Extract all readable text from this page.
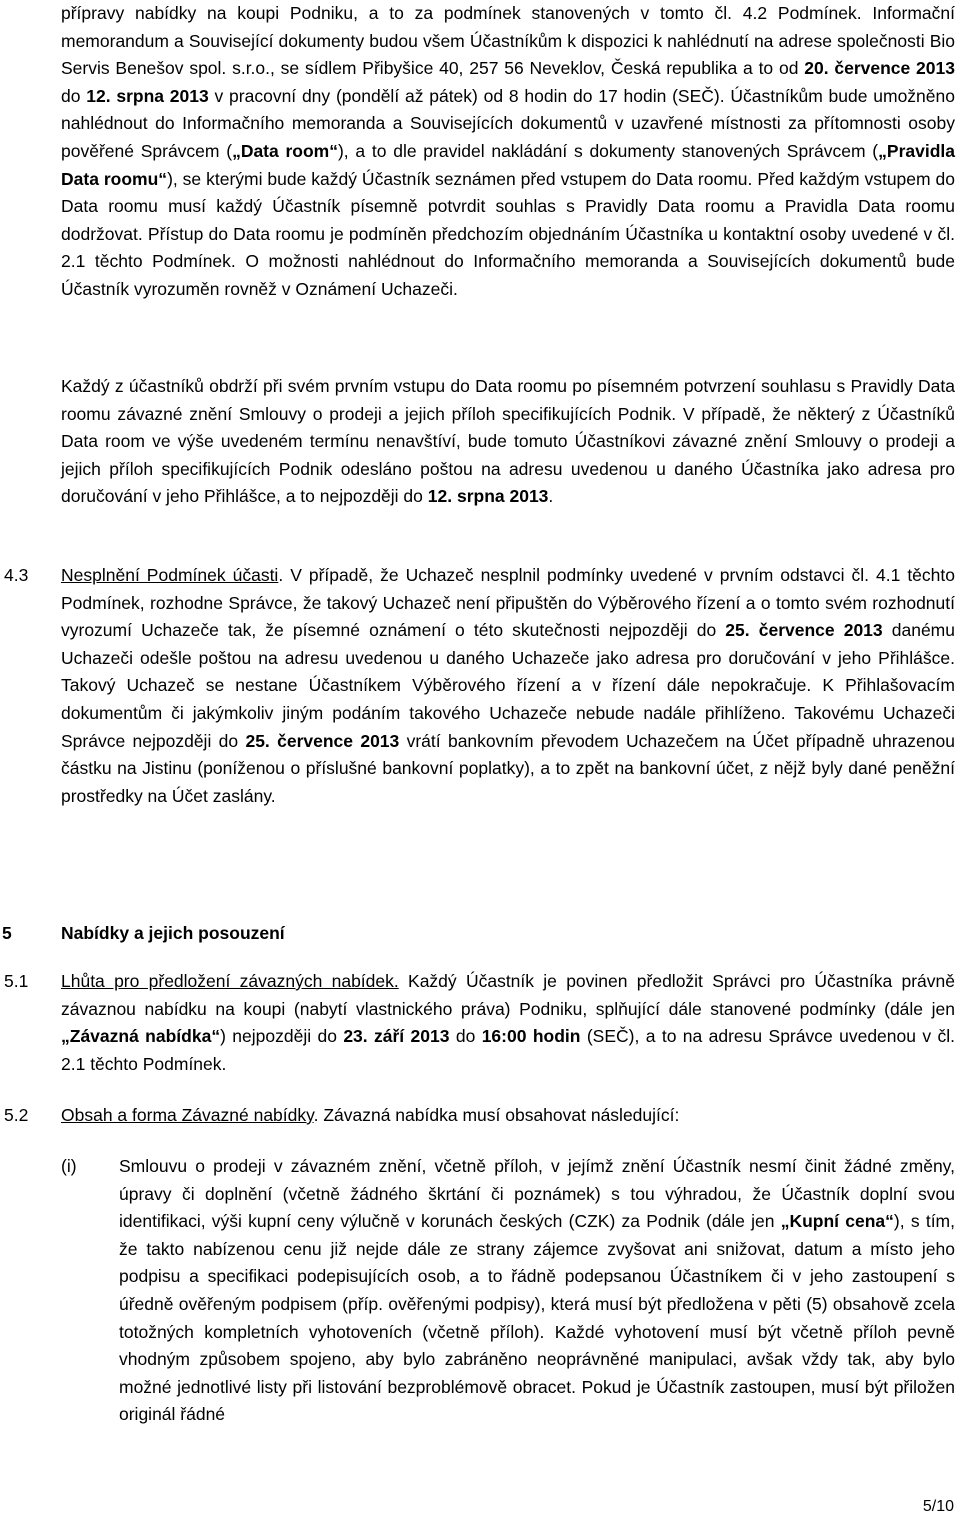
přípravy nabídky na koupi Podniku, a to za podmínek stanovených v tomto čl. 4.2 Podmínek. Informační memorandum a Související dokumenty budou všem Účastníkům k dispozici k nahlédnutí na adrese společnosti Bio Servis Benešov spol. s.r.o., se sídlem Přibyšice 40, 257 56 Neveklov, Česká republika a to od 20. července 2013 do 12. srpna 2013 v pracovní dny (pondělí až pátek) od 8 hodin do 17 hodin (SEČ). Účastníkům bude umožněno nahlédnout do Informačního memoranda a Souvisejících dokumentů v uzavřené místnosti za přítomnosti osoby pověřené Správcem („Data room“), a to dle pravidel nakládání s dokumenty stanovených Správcem („Pravidla Data roomu“), se kterými bude každý Účastník seznámen před vstupem do Data roomu. Před každým vstupem do Data roomu musí každý Účastník písemně potvrdit souhlas s Pravidly Data roomu a Pravidla Data roomu dodržovat. Přístup do Data roomu je podmíněn předchozím objednáním Účastníka u kontaktní osoby uvedené v čl. 2.1 těchto Podmínek. O možnosti nahlédnout do Informačního memoranda a Souvisejících dokumentů bude Účastník vyrozuměn rovněž v Oznámení Uchazeči.

Každý z účastníků obdrží při svém prvním vstupu do Data roomu po písemném potvrzení souhlasu s Pravidly Data roomu závazné znění Smlouvy o prodeji a jejich příloh specifikujících Podnik. V případě, že některý z Účastníků Data room ve výše uvedeném termínu nenavštíví, bude tomuto Účastníkovi závazné znění Smlouvy o prodeji a jejich příloh specifikujících Podnik odesláno poštou na adresu uvedenou u daného Účastníka jako adresa pro doručování v jeho Přihlášce, a to nejpozději do 12. srpna 2013.

4.3 Nesplnění Podmínek účasti. V případě, že Uchazeč nesplnil podmínky uvedené v prvním odstavci čl. 4.1 těchto Podmínek, rozhodne Správce, že takový Uchazeč není připuštěn do Výběrového řízení a o tomto svém rozhodnutí vyrozumí Uchazeče tak, že písemné oznámení o této skutečnosti nejpozději do 25. července 2013 danému Uchazeči odešle poštou na adresu uvedenou u daného Uchazeče jako adresa pro doručování v jeho Přihlášce. Takový Uchazeč se nestane Účastníkem Výběrového řízení a v řízení dále nepokračuje. K Přihlašovacím dokumentům či jakýmkoliv jiným podáním takového Uchazeče nebude nadále přihlíženo. Takovému Uchazeči Správce nejpozději do 25. července 2013 vrátí bankovním převodem Uchazečem na Účet případně uhrazenou částku na Jistinu (poníženou o příslušné bankovní poplatky), a to zpět na bankovní účet, z nějž byly dané peněžní prostředky na Účet zaslány.

5	Nabídky a jejich posouzení
5.1 Lhůta pro předložení závazných nabídek. Každý Účastník je povinen předložit Správci pro Účastníka právně závaznou nabídku na koupi (nabytí vlastnického práva) Podniku, splňující dále stanovené podmínky (dále jen „Závazná nabídka“) nejpozději do 23. září 2013 do 16:00 hodin (SEČ), a to na adresu Správce uvedenou v čl. 2.1 těchto Podmínek.

5.2 Obsah a forma Závazné nabídky. Závazná nabídka musí obsahovat následující:

(i) Smlouvu o prodeji v závazném znění, včetně příloh, v jejímž znění Účastník nesmí činit žádné změny, úpravy či doplnění (včetně žádného škrtání či poznámek) s tou výhradou, že Účastník doplní svou identifikaci, výši kupní ceny výlučně v korunách českých (CZK) za Podnik (dále jen „Kupní cena“), s tím, že takto nabízenou cenu již nejde dále ze strany zájemce zvyšovat ani snižovat, datum a místo jeho podpisu a specifikaci podepisujících osob, a to řádně podepsanou Účastníkem či v jeho zastoupení s úředně ověřeným podpisem (příp. ověřenými podpisy), která musí být předložena v pěti (5) obsahově zcela totožných kompletních vyhotoveních (včetně příloh). Každé vyhotovení musí být včetně příloh pevně vhodným způsobem spojeno, aby bylo zabráněno neoprávněné manipulaci, avšak vždy tak, aby bylo možné jednotlivé listy při listování bezproblémově obracet. Pokud je Účastník zastoupen, musí být přiložen originál řádné

5/10
